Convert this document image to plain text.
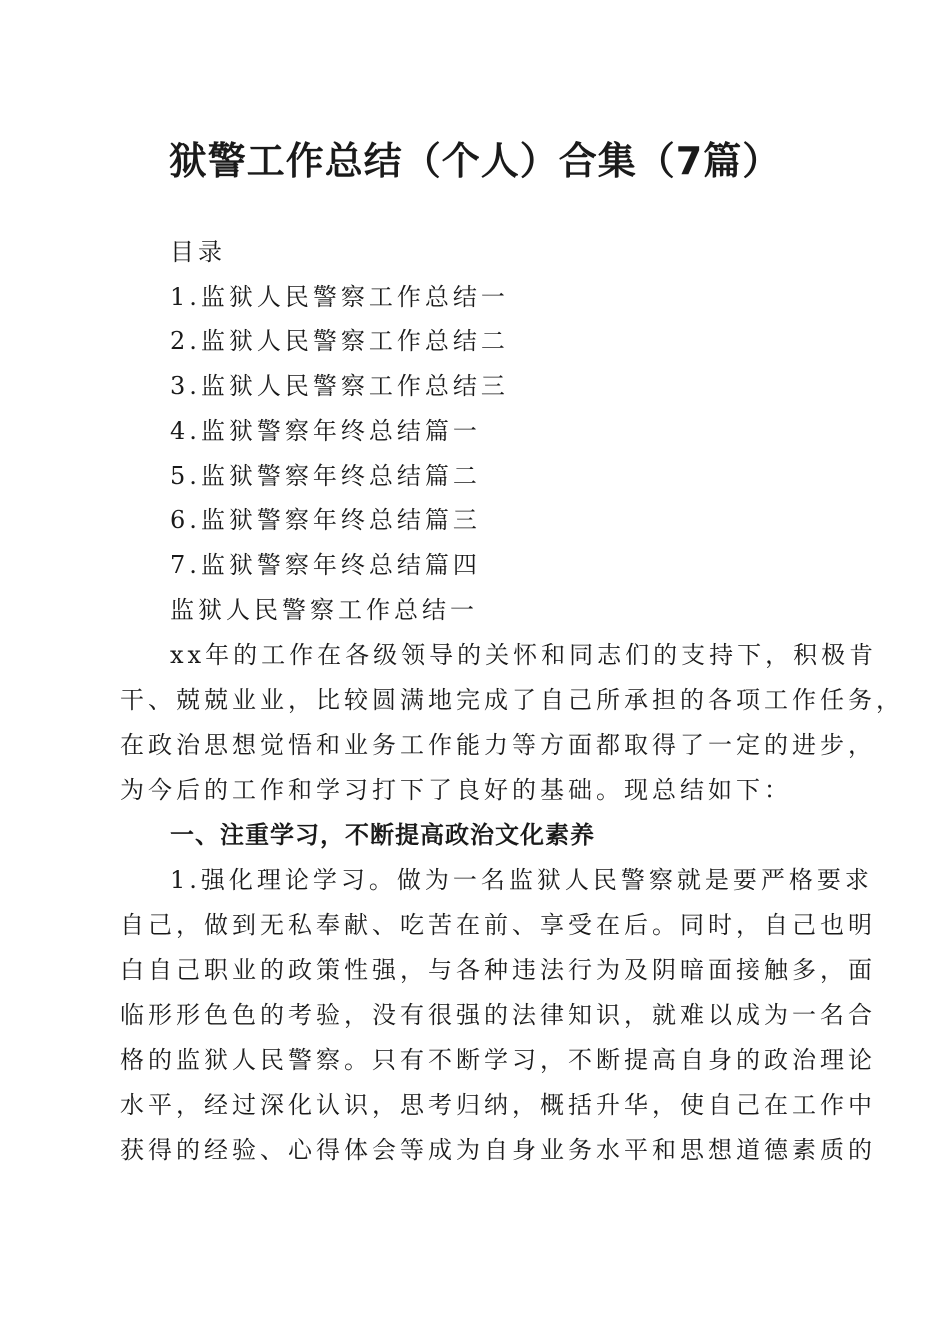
狱警工作总结（个人）合集（7篇）
目录
1.监狱人民警察工作总结一
2.监狱人民警察工作总结二
3.监狱人民警察工作总结三
4.监狱警察年终总结篇一
5.监狱警察年终总结篇二
6.监狱警察年终总结篇三
7.监狱警察年终总结篇四
监狱人民警察工作总结一
xx年的工作在各级领导的关怀和同志们的支持下，积极肯
干、兢兢业业，比较圆满地完成了自己所承担的各项工作任务，
在政治思想觉悟和业务工作能力等方面都取得了一定的进步，
为今后的工作和学习打下了良好的基础。现总结如下：
一、注重学习，不断提高政治文化素养
1.强化理论学习。做为一名监狱人民警察就是要严格要求
自己，做到无私奉献、吃苦在前、享受在后。同时，自己也明
白自己职业的政策性强，与各种违法行为及阴暗面接触多，面
临形形色色的考验，没有很强的法律知识，就难以成为一名合
格的监狱人民警察。只有不断学习，不断提高自身的政治理论
水平，经过深化认识，思考归纳，概括升华，使自己在工作中
获得的经验、心得体会等成为自身业务水平和思想道德素质的
